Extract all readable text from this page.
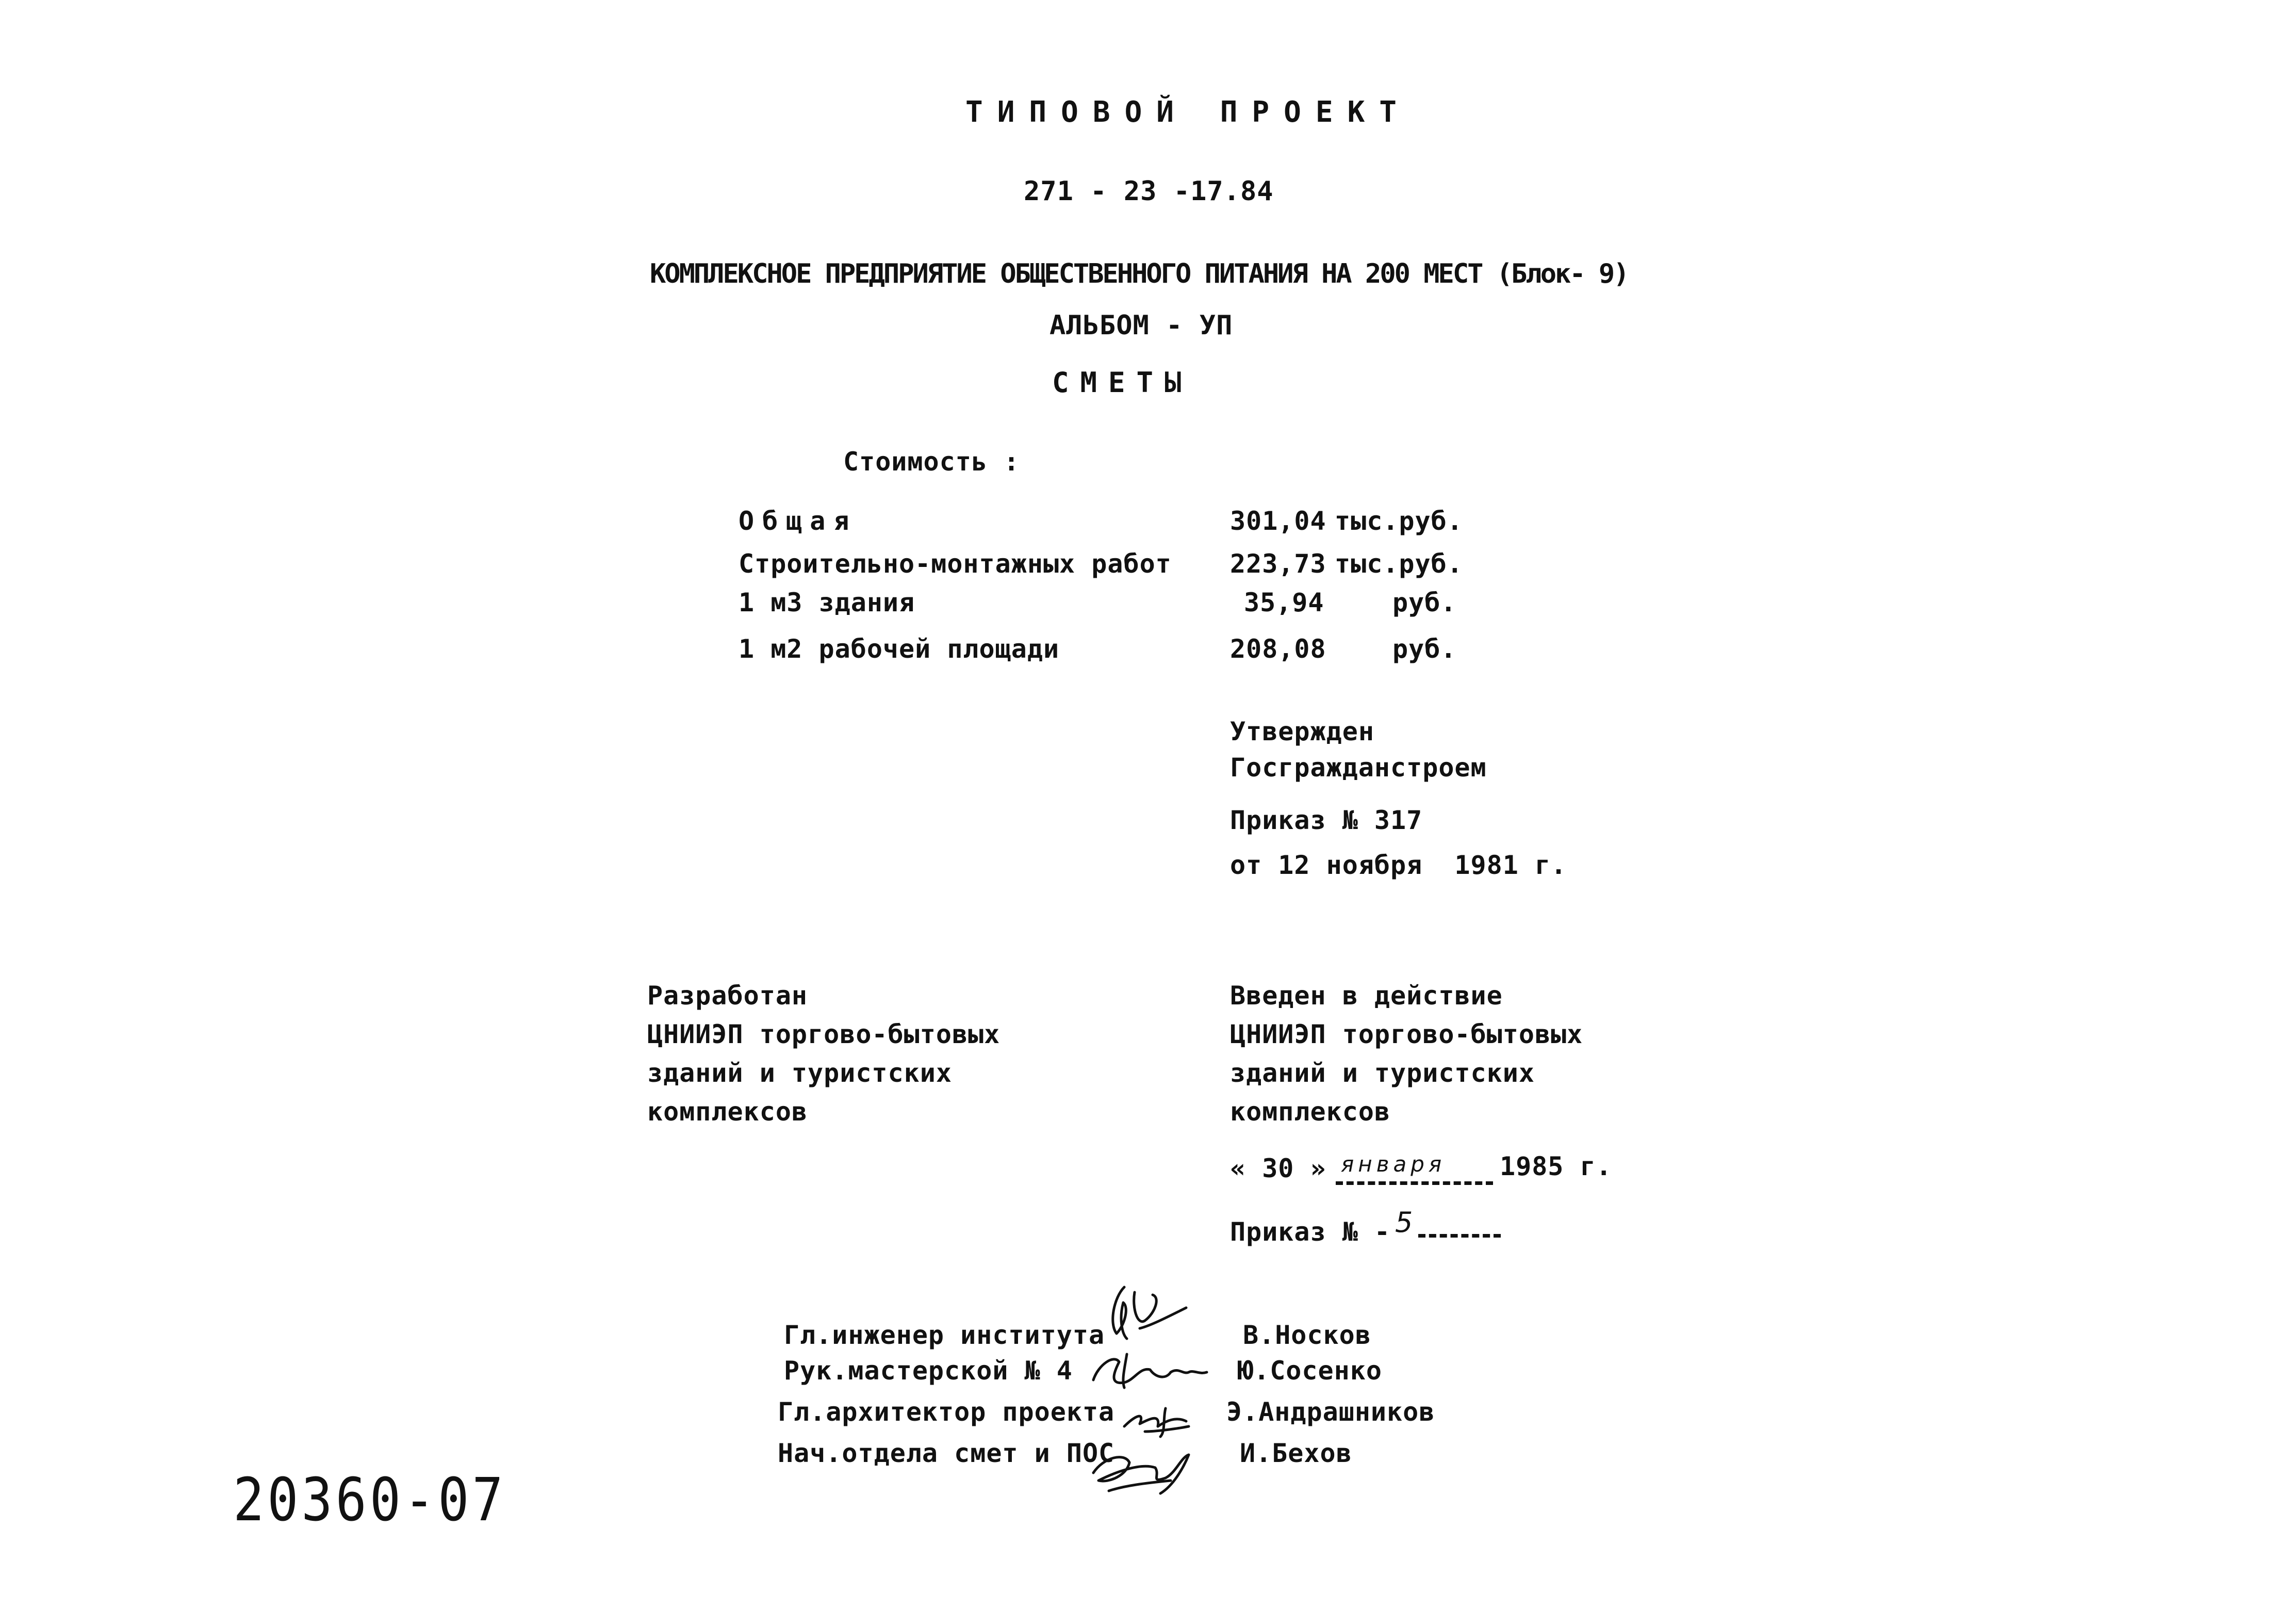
ТИПОВОЙ ПРОЕКТ
271 - 23 -17.84
КОМПЛЕКСНОЕ ПРЕДПРИЯТИЕ ОБЩЕСТВЕННОГО ПИТАНИЯ НА 200 МЕСТ (Блок- 9)
АЛЬБОМ - УП
СМЕТЫ
Стоимость :
Общая	301,04 тыс.руб.
Строительно-монтажных работ 223,73 тыс.руб.
1 м3 здания	35,94	руб.
1 м2 рабочей площади	208,08	руб.
Утвержден
Госгражданстроем
Приказ № 317
от 12 ноября  1981 г.
Разработан
ЦНИИЭП торгово-бытовых
зданий и туристских
комплексов
Введен в действие
ЦНИИЭП торгово-бытовых
зданий и туристских
комплексов
« 30 » января 1985 г.
Приказ № - 5
Гл.инженер института	В.Носков
Рук.мастерской № 4	Ю.Сосенко
Гл.архитектор проекта	Э.Андрашников
Нач.отдела смет и ПОС	И.Бехов
20360-07
